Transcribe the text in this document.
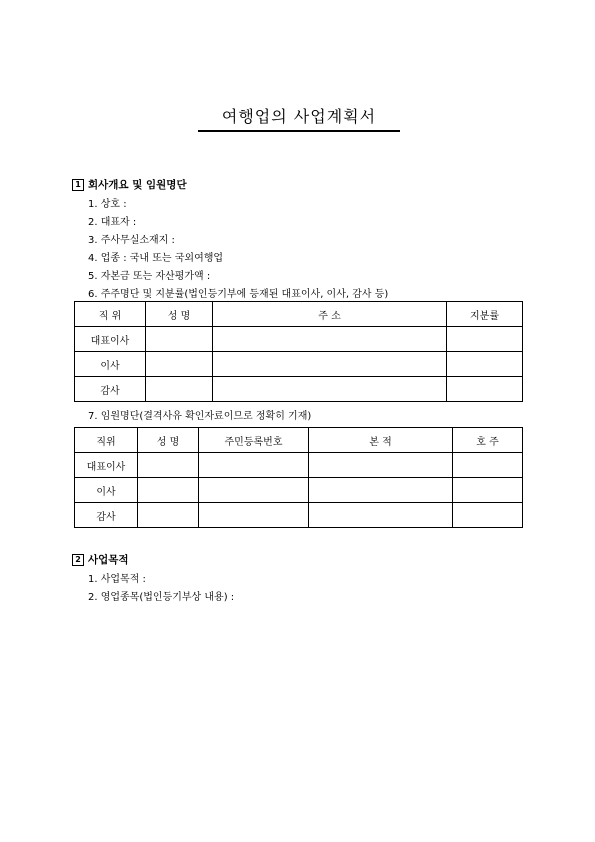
여행업의 사업계획서
1 회사개요 및 임원명단
1. 상호 :
2. 대표자 :
3. 주사무실소재지 :
4. 업종 : 국내 또는 국외여행업
5. 자본금 또는 자산평가액 :
6. 주주명단 및 지분률(법인등기부에 등재된 대표이사, 이사, 감사 등)
직 위	성 명	주 소	지분률
대표이사			
이사			
감사			
7. 임원명단(결격사유 확인자료이므로 정확히 기재)
직위	성 명	주민등록번호	본 적	호 주
대표이사				
이사				
감사				
2 사업목적
1. 사업목적 :
2. 영업종목(법인등기부상 내용) :
